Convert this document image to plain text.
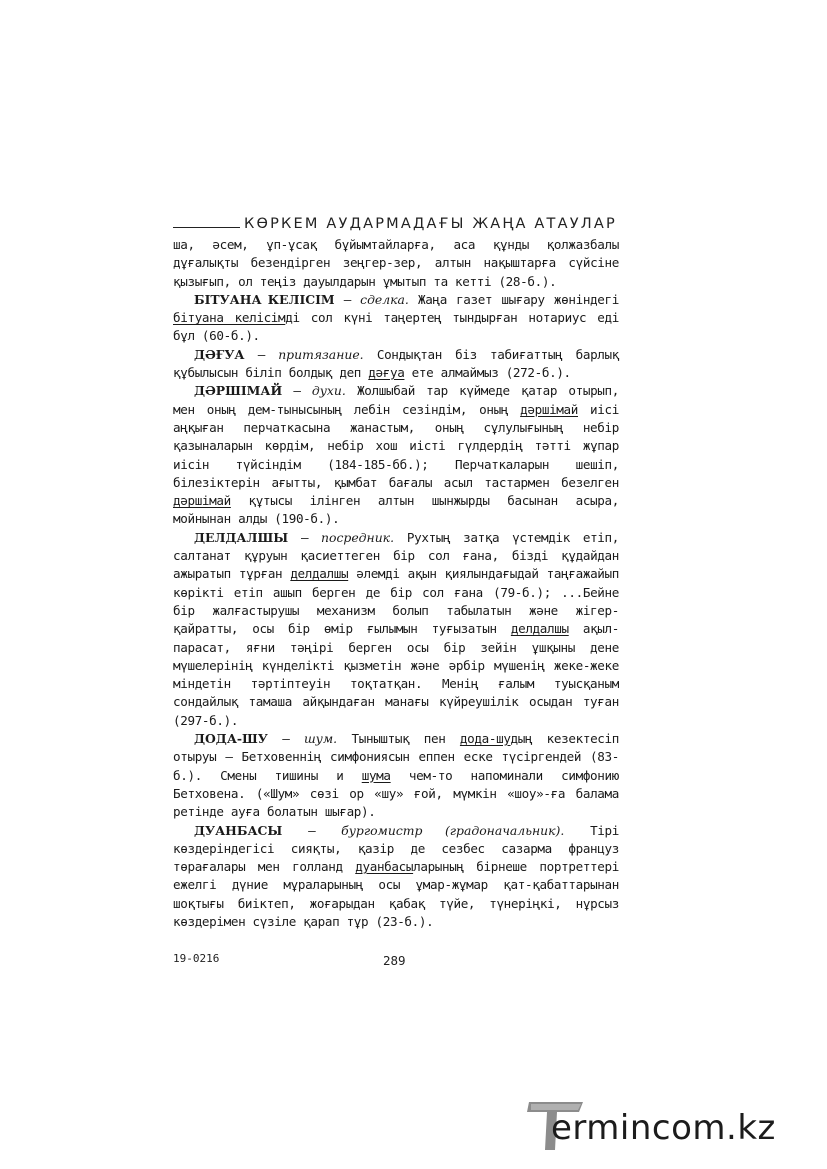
КӨРКЕМ АУДАРМАДАҒЫ ЖАҢА АТАУЛАР

ша, әсем, ұп-ұсақ бұйымтайларға, аса құнды қолжазбалы дұғалықты безендірген зеңгер-зер, алтын нақыштарға сүйсіне қызығып, ол теңіз дауылдарын ұмытып та кетті (28-б.).

БІТУАНА КЕЛІСІМ – сделка. Жаңа газет шығару жөніндегі бітуана келісімді сол күні таңертең тындырған нотариус еді бұл (60-б.).

ДӘҒУА – притязание. Сондықтан біз табиғаттың барлық құбылысын біліп болдық деп дәғуа ете алмаймыз (272-б.).

ДӘРШІМАЙ – духи. Жолшыбай тар күймеде қатар отырып, мен оның дем-тынысының лебін сезіндім, оның дәршімай иісі аңқыған перчаткасына жанастым, оның сұлулығының небір қазыналарын көрдім, небір хош иісті гүлдердің тәтті жұпар иісін түйсіндім (184-185-бб.); Перчаткаларын шешіп, білезіктерін ағытты, қымбат бағалы асыл тастармен безелген дәршімай құтысы ілінген алтын шынжырды басынан асыра, мойнынан алды (190-б.).

ДЕЛДАЛШЫ – посредник. Рухтың затқа үстемдік етіп, салтанат құруын қасиеттеген бір сол ғана, бізді құдайдан ажыратып тұрған делдалшы әлемді ақын қиялындағыдай таңғажайып көрікті етіп ашып берген де бір сол ғана (79-б.); ...Бейне бір жалғастырушы механизм болып табылатын және жігер-қайратты, осы бір өмір ғылымын туғызатын делдалшы ақыл-парасат, яғни тәңірі берген осы бір зейін ұшқыны дене мүшелерінің күнделікті қызметін және әрбір мүшенің жеке-жеке міндетін тәртіптеуін тоқтатқан. Менің ғалым туысқаным сондайлық тамаша айқындаған манағы күйреушілік осыдан туған (297-б.).

ДОДА-ШУ – шум. Тыныштық пен дода-шудың кезектесіп отыруы – Бетховеннің симфониясын еппен еске түсіргендей (83-б.). Смены тишины и шума чем-то напоминали симфонию Бетховена. («Шум» сөзі ор «шу» ғой, мүмкін «шоу»-ға балама ретінде ауға болатын шығар).

ДУАНБАСЫ – бургомистр (градоначальник). Тірі көздеріндегісі сияқты, қазір де сезбес сазарма француз төрағалары мен голланд дуанбасыларының бірнеше портреттері ежелгі дүние мұраларының осы ұмар-жұмар қат-қабаттарынан шоқтығы биіктеп, жоғарыдан қабақ түйе, түнеріңкі, нұрсыз көздерімен сүзіле қарап тұр (23-б.).

19-0216	289
ermincom.kz
